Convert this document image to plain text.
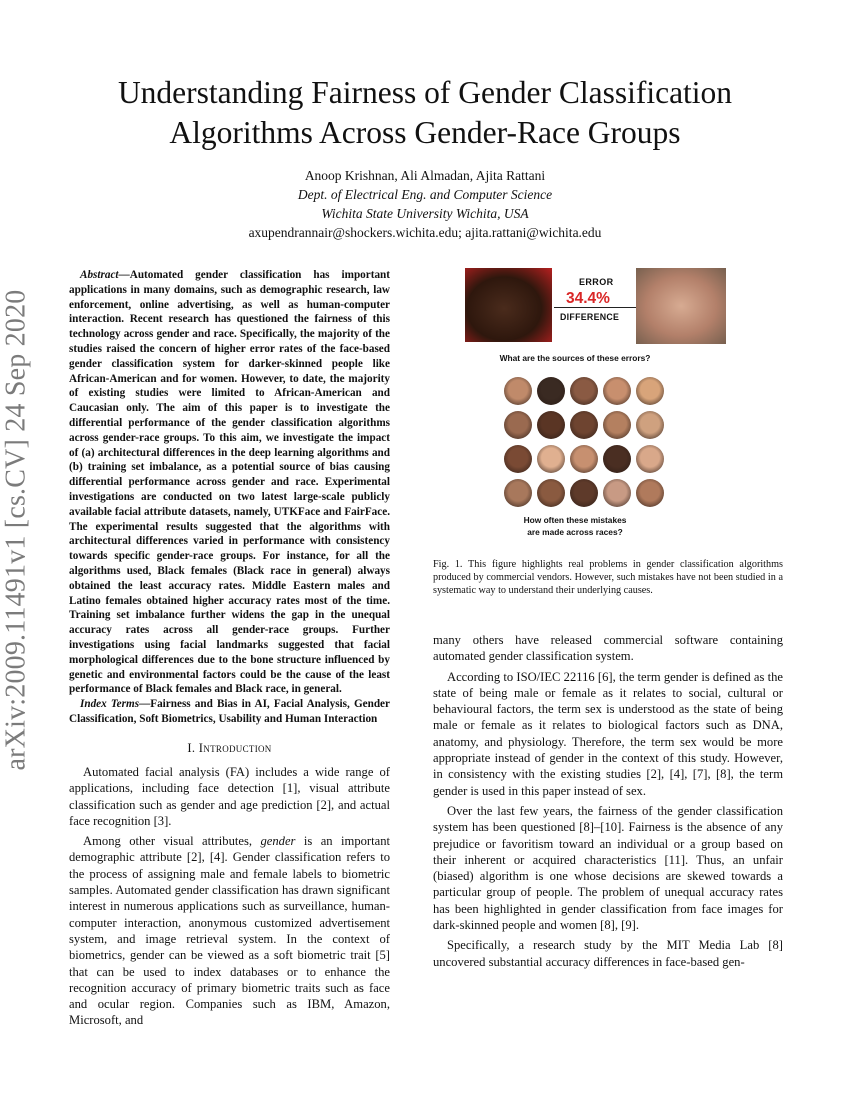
arXiv:2009.11491v1 [cs.CV] 24 Sep 2020
Understanding Fairness of Gender Classification
Algorithms Across Gender-Race Groups
Anoop Krishnan, Ali Almadan, Ajita Rattani
Dept. of Electrical Eng. and Computer Science
Wichita State University Wichita, USA
axupendrannair@shockers.wichita.edu; ajita.rattani@wichita.edu

Abstract—Automated gender classification has important applications in many domains, such as demographic research, law enforcement, online advertising, as well as human-computer interaction. Recent research has questioned the fairness of this technology across gender and race. Specifically, the majority of the studies raised the concern of higher error rates of the face-based gender classification system for darker-skinned people like African-American and for women. However, to date, the majority of existing studies were limited to African-American and Caucasian only. The aim of this paper is to investigate the differential performance of the gender classification algorithms across gender-race groups. To this aim, we investigate the impact of (a) architectural differences in the deep learning algorithms and (b) training set imbalance, as a potential source of bias causing differential performance across gender and race. Experimental investigations are conducted on two latest large-scale publicly available facial attribute datasets, namely, UTKFace and FairFace. The experimental results suggested that the algorithms with architectural differences varied in performance with consistency towards specific gender-race groups. For instance, for all the algorithms used, Black females (Black race in general) always obtained the least accuracy rates. Middle Eastern males and Latino females obtained higher accuracy rates most of the time. Training set imbalance further widens the gap in the unequal accuracy rates across all gender-race groups. Further investigations using facial landmarks suggested that facial morphological differences due to the bone structure influenced by genetic and environmental factors could be the cause of the least performance of Black females and Black race, in general.

Index Terms—Fairness and Bias in AI, Facial Analysis, Gender Classification, Soft Biometrics, Usability and Human Interaction

I. Introduction

Automated facial analysis (FA) includes a wide range of applications, including face detection [1], visual attribute classification such as gender and age prediction [2], and actual face recognition [3].

Among other visual attributes, gender is an important demographic attribute [2], [4]. Gender classification refers to the process of assigning male and female labels to biometric samples. Automated gender classification has drawn significant interest in numerous applications such as surveillance, human-computer interaction, anonymous customized advertisement system, and image retrieval system. In the context of biometrics, gender can be viewed as a soft biometric trait [5] that can be used to index databases or to enhance the recognition accuracy of primary biometric traits such as face and ocular region. Companies such as IBM, Amazon, Microsoft, and

ERROR
34.4%
DIFFERENCE
What are the sources of these errors?
How often these mistakes
are made across races?
Fig. 1. This figure highlights real problems in gender classification algorithms produced by commercial vendors. However, such mistakes have not been studied in a systematic way to understand their underlying causes.

many others have released commercial software containing automated gender classification system.

According to ISO/IEC 22116 [6], the term gender is defined as the state of being male or female as it relates to social, cultural or behavioural factors, the term sex is understood as the state of being male or female as it relates to biological factors such as DNA, anatomy, and physiology. Therefore, the term sex would be more appropriate instead of gender in the context of this study. However, in consistency with the existing studies [2], [4], [7], [8], the term gender is used in this paper instead of sex.

Over the last few years, the fairness of the gender classification system has been questioned [8]–[10]. Fairness is the absence of any prejudice or favoritism toward an individual or a group based on their inherent or acquired characteristics [11]. Thus, an unfair (biased) algorithm is one whose decisions are skewed towards a particular group of people. The problem of unequal accuracy rates has been highlighted in gender classification from face images for dark-skinned people and women [8], [9].

Specifically, a research study by the MIT Media Lab [8] uncovered substantial accuracy differences in face-based gen-
